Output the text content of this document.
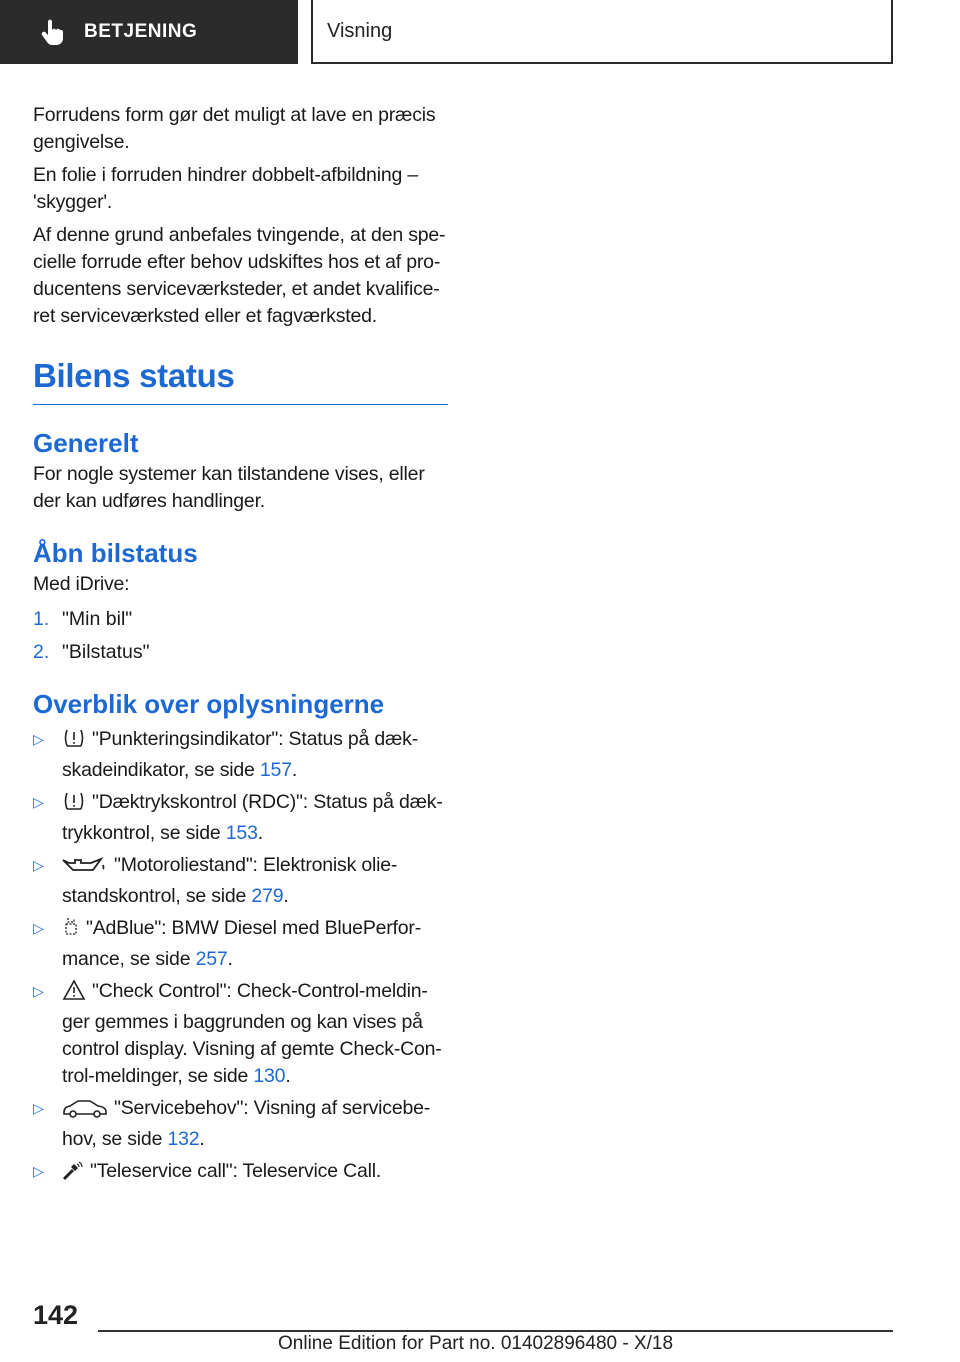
BETJENING	Visning

Forrudens form gør det muligt at lave en præcis gengivelse.

En folie i forruden hindrer dobbelt-afbildning – 'skygger'.

Af denne grund anbefales tvingende, at den spe-cielle forrude efter behov udskiftes hos et af pro-ducentens serviceværksteder, et andet kvalifice-ret serviceværksted eller et fagværksted.

Bilens status
Generelt

For nogle systemer kan tilstandene vises, eller der kan udføres handlinger.

Åbn bilstatus

Med iDrive:

1. "Min bil"
2. "Bilstatus"
Overblik over oplysningerne
▷ "Punkteringsindikator": Status på dæk-skadeindikator, se side 157.
▷ "Dæktrykskontrol (RDC)": Status på dæk-trykkontrol, se side 153.
▷	"Motoroliestand": Elektronisk olie-standskontrol, se side 279.
▷ "AdBlue": BMW Diesel med BluePerfor-mance, se side 257.
▷ "Check Control": Check-Control-meldin-ger gemmes i baggrunden og kan vises på control display. Visning af gemte Check-Con-trol-meldinger, se side 130.
▷	"Servicebehov": Visning af servicebe-hov, se side 132.
▷ "Teleservice call": Teleservice Call.
142
Online Edition for Part no. 01402896480 - X/18
